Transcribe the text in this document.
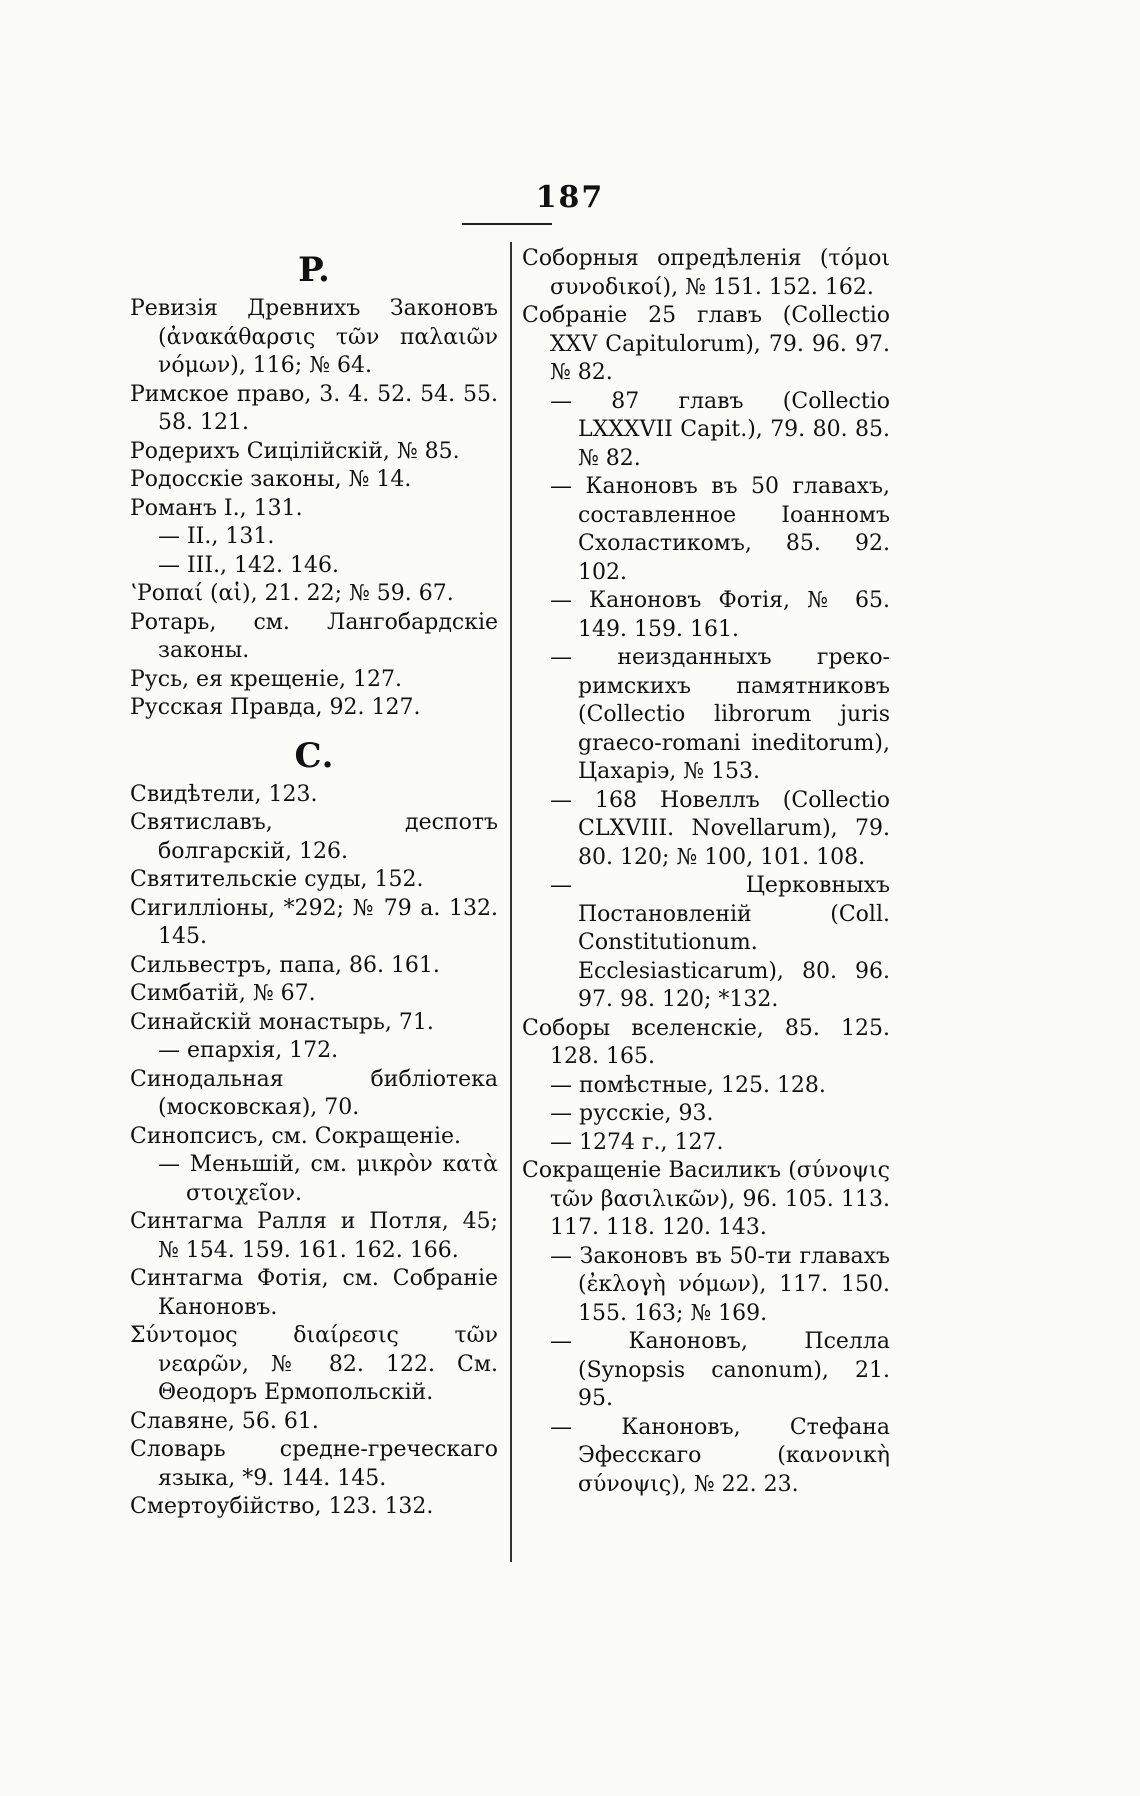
187
P.

Ревизія Древнихъ Законовъ (ἀνακάθαρσις τῶν παλαιῶν νόμων), 116; № 64.

Римское право, 3. 4. 52. 54. 55. 58. 121.

Родерихъ Сицілійскій, № 85.

Родосскіе законы, № 14.

Романъ I., 131.

— II., 131.

— III., 142. 146.

ʽΡοπαί (αἱ), 21. 22; № 59. 67.

Ротарь, см. Лангобардскіе законы.

Русь, ея крещеніе, 127.

Русская Правда, 92. 127.

С.

Свидѣтели, 123.

Святиславъ, деспотъ болгарскій, 126.

Святительскіе суды, 152.

Сигилліоны, *292; № 79 a. 132. 145.

Сильвестръ, папа, 86. 161.

Симбатій, № 67.

Синайскій монастырь, 71.

— епархія, 172.

Синодальная библіотека (московская), 70.

Синопсисъ, см. Сокращеніе.

— Меньшій, см. μικρὸν κατὰ στοιχεῖον.

Синтагма Ралля и Потля, 45; № 154. 159. 161. 162. 166.

Синтагма Фотія, см. Собраніе Каноновъ.

Σύντομος διαίρεσις τῶν νεαρῶν, № 82. 122. См. Θеодоръ Ермопольскій.

Славяне, 56. 61.

Словарь средне-греческаго языка, *9. 144. 145.

Смертоубійство, 123. 132.

Соборныя опредѣленія (τόμοι συνοδικοί), № 151. 152. 162.

Собраніе 25 главъ (Collectio XXV Capitulorum), 79. 96. 97. № 82.

— 87 главъ (Collectio LXXXVII Capit.), 79. 80. 85. № 82.

— Каноновъ въ 50 главахъ, составленное Іоанномъ Схоластикомъ, 85. 92. 102.

— Каноновъ Фотія, № 65. 149. 159. 161.

— неизданныхъ греко-римскихъ памятниковъ (Collectio librorum juris graeco-romani ineditorum), Цахаріэ, № 153.

— 168 Новеллъ (Collectio CLXVIII. Novellarum), 79. 80. 120; № 100, 101. 108.

— Церковныхъ Постановленій (Coll. Constitutionum. Ecclesiasticarum), 80. 96. 97. 98. 120; *132.

Соборы вселенскіе, 85. 125. 128. 165.

— помѣстные, 125. 128.

— русскіе, 93.

— 1274 г., 127.

Сокращеніе Василикъ (σύνοψις τῶν βασιλικῶν), 96. 105. 113. 117. 118. 120. 143.

— Законовъ въ 50-ти главахъ (ἐκλογὴ νόμων), 117. 150. 155. 163; № 169.

— Каноновъ, Пселла (Synopsis canonum), 21. 95.

— Каноновъ, Стефана Эфесскаго (κανονικὴ σύνοψις), № 22. 23.
